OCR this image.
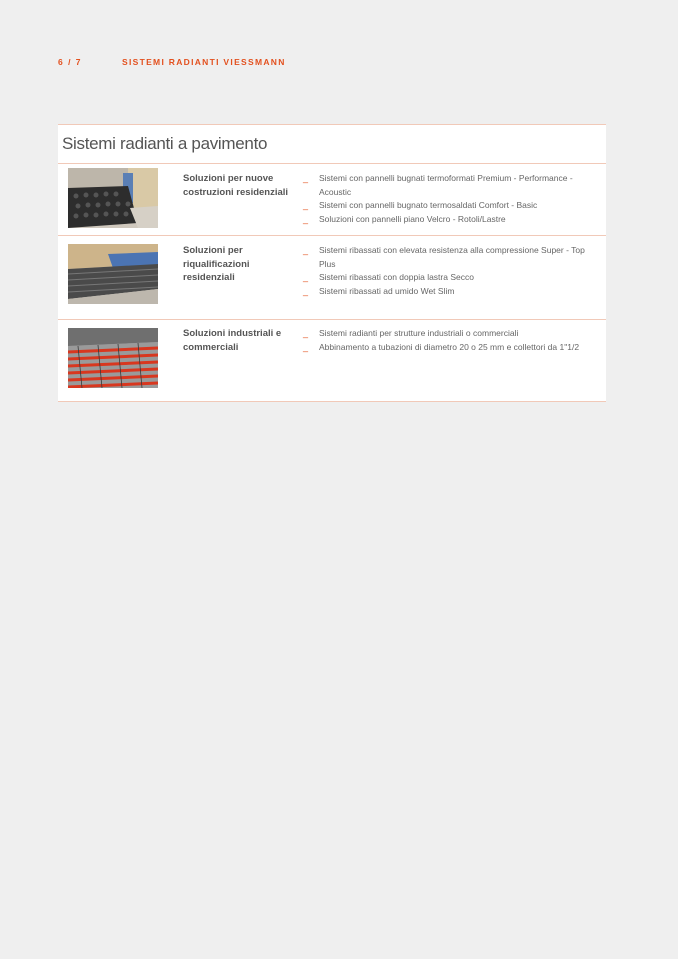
6 / 7	SISTEMI RADIANTI VIESSMANN
Sistemi radianti a pavimento
Soluzioni per nuove costruzioni residenziali
_ Sistemi con pannelli bugnati termoformati Premium - Performance - Acoustic
_ Sistemi con pannelli bugnato termosaldati Comfort - Basic
_ Soluzioni con pannelli piano Velcro - Rotoli/Lastre
Soluzioni per riqualificazioni residenziali
_ Sistemi ribassati con elevata resistenza alla compressione Super - Top Plus
_ Sistemi ribassati con doppia lastra Secco
_ Sistemi ribassati ad umido Wet Slim
Soluzioni industriali e commerciali
_ Sistemi radianti per strutture industriali o commerciali
_ Abbinamento a tubazioni di diametro 20 o 25 mm e collettori da 1"1/2
